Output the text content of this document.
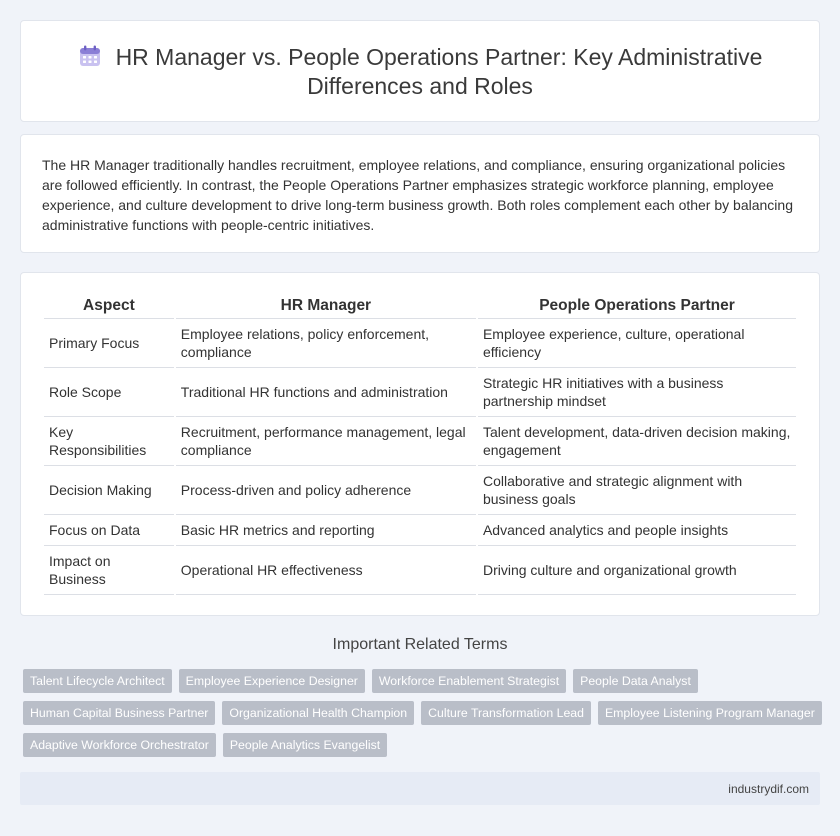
HR Manager vs. People Operations Partner: Key Administrative Differences and Roles

The HR Manager traditionally handles recruitment, employee relations, and compliance, ensuring organizational policies are followed efficiently. In contrast, the People Operations Partner emphasizes strategic workforce planning, employee experience, and culture development to drive long-term business growth. Both roles complement each other by balancing administrative functions with people-centric initiatives.

Aspect	HR Manager	People Operations Partner
Primary Focus	Employee relations, policy enforcement, compliance	Employee experience, culture, operational efficiency
Role Scope	Traditional HR functions and administration	Strategic HR initiatives with a business partnership mindset
Key Responsibilities	Recruitment, performance management, legal compliance	Talent development, data-driven decision making, engagement
Decision Making	Process-driven and policy adherence	Collaborative and strategic alignment with business goals
Focus on Data	Basic HR metrics and reporting	Advanced analytics and people insights
Impact on Business	Operational HR effectiveness	Driving culture and organizational growth
Important Related Terms
Talent Lifecycle Architect	Employee Experience Designer	Workforce Enablement Strategist	People Data Analyst
Human Capital Business Partner	Organizational Health Champion	Culture Transformation Lead	Employee Listening Program Manager
Adaptive Workforce Orchestrator	People Analytics Evangelist
industrydif.com
